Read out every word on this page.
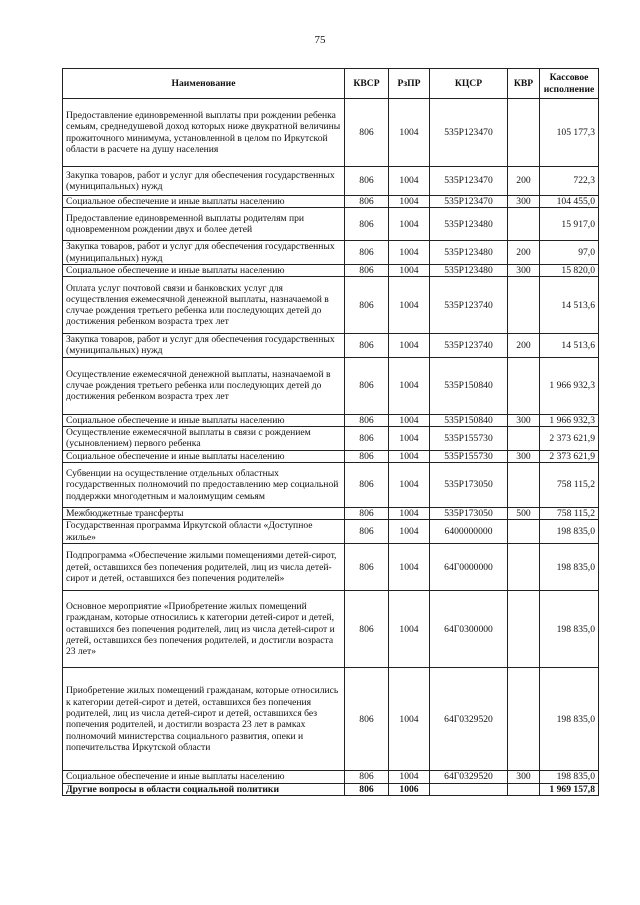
75
Наименование	КВСР	РзПР	КЦСР	КВР	Кассовое исполнение
Предоставление единовременной выплаты при рождении ребенка семьям, среднедушевой доход которых ниже двукратной величины прожиточного минимума, установленной в целом по Иркутской области в расчете на душу населения	806	1004	535P123470		105 177,3
Закупка товаров, работ и услуг для обеспечения государственных (муниципальных) нужд	806	1004	535P123470	200	722,3
Социальное обеспечение и иные выплаты населению	806	1004	535P123470	300	104 455,0
Предоставление единовременной выплаты родителям при одновременном рождении двух и более детей	806	1004	535P123480		15 917,0
Закупка товаров, работ и услуг для обеспечения государственных (муниципальных) нужд	806	1004	535P123480	200	97,0
Социальное обеспечение и иные выплаты населению	806	1004	535P123480	300	15 820,0
Оплата услуг почтовой связи и банковских услуг для осуществления ежемесячной денежной выплаты, назначаемой в случае рождения третьего ребенка или последующих детей до достижения ребенком возраста трех лет	806	1004	535P123740		14 513,6
Закупка товаров, работ и услуг для обеспечения государственных (муниципальных) нужд	806	1004	535P123740	200	14 513,6
Осуществление ежемесячной денежной выплаты, назначаемой в случае рождения третьего ребенка или последующих детей до достижения ребенком возраста трех лет	806	1004	535P150840		1 966 932,3
Социальное обеспечение и иные выплаты населению	806	1004	535P150840	300	1 966 932,3
Осуществление ежемесячной выплаты в связи с рождением (усыновлением) первого ребенка	806	1004	535P155730		2 373 621,9
Социальное обеспечение и иные выплаты населению	806	1004	535P155730	300	2 373 621,9
Субвенции на осуществление отдельных областных государственных полномочий по предоставлению мер социальной поддержки многодетным и малоимущим семьям	806	1004	535P173050		758 115,2
Межбюджетные трансферты	806	1004	535P173050	500	758 115,2
Государственная программа Иркутской области «Доступное жилье»	806	1004	6400000000		198 835,0
Подпрограмма «Обеспечение жилыми помещениями детей-сирот, детей, оставшихся без попечения родителей, лиц из числа детей-сирот и детей, оставшихся без попечения родителей»	806	1004	64Г0000000		198 835,0
Основное мероприятие «Приобретение жилых помещений гражданам, которые относились к категории детей-сирот и детей, оставшихся без попечения родителей, лиц из числа детей-сирот и детей, оставшихся без попечения родителей, и достигли возраста 23 лет»	806	1004	64Г0300000		198 835,0
Приобретение жилых помещений гражданам, которые относились к категории детей-сирот и детей, оставшихся без попечения родителей, лиц из числа детей-сирот и детей, оставшихся без попечения родителей, и достигли возраста 23 лет в рамках полномочий министерства социального развития, опеки и попечительства Иркутской области	806	1004	64Г0329520		198 835,0
Социальное обеспечение и иные выплаты населению	806	1004	64Г0329520	300	198 835,0
Другие вопросы в области социальной политики	806	1006			1 969 157,8
